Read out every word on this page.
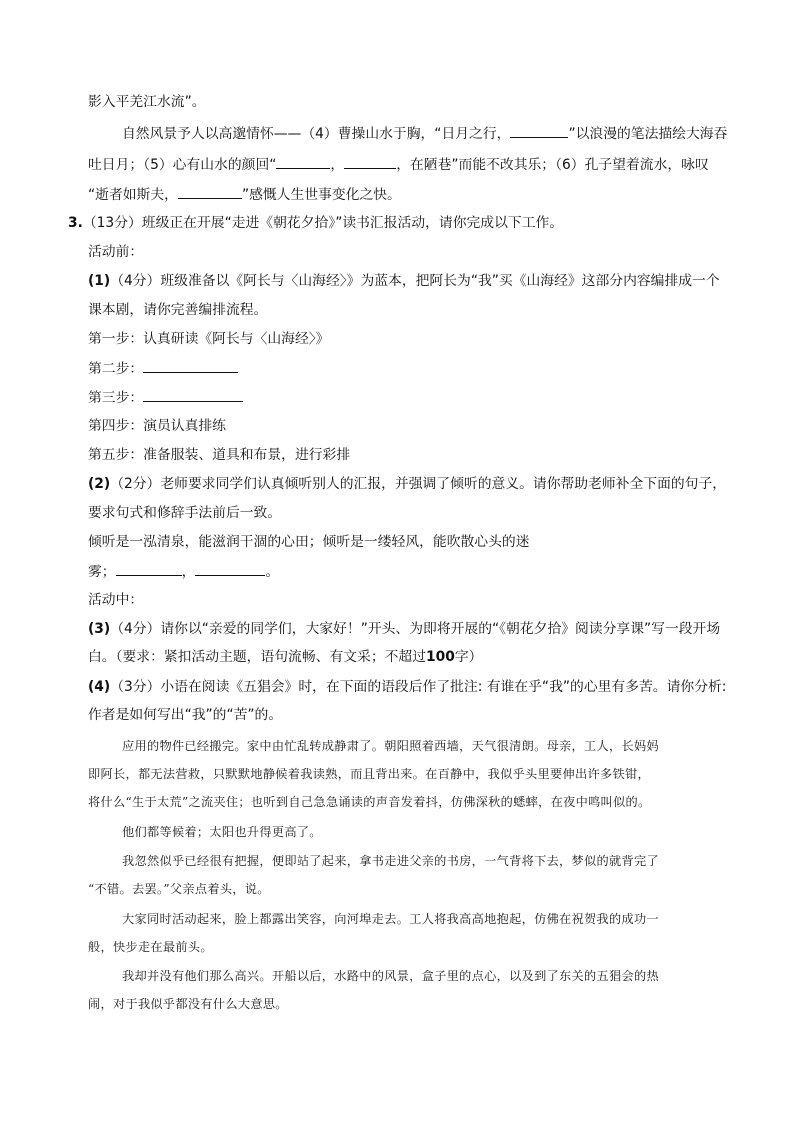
影入平羌江水流”。
自然风景予人以高邈情怀——（4）曹操山水于胸，“日月之行，	”以浪漫的笔法描绘大海吞
吐日月；（5）心有山水的颜回“	，	，在陋巷”而能不改其乐；（6）孔子望着流水，咏叹
“逝者如斯夫，	”感慨人生世事变化之快。
3.（13分）班级正在开展“走进《朝花夕拾》”读书汇报活动，请你完成以下工作。
活动前：
(1)（4分）班级准备以《阿长与〈山海经〉》为蓝本，把阿长为“我”买《山海经》这部分内容编排成一个
课本剧，请你完善编排流程。
第一步：认真研读《阿长与〈山海经〉》
第二步：
第三步：
第四步：演员认真排练
第五步：准备服装、道具和布景，进行彩排
(2)（2分）老师要求同学们认真倾听别人的汇报，并强调了倾听的意义。请你帮助老师补全下面的句子，
要求句式和修辞手法前后一致。
倾听是一泓清泉，能滋润干涸的心田；倾听是一缕轻风，能吹散心头的迷
雾；	，	。
活动中：
(3)（4分）请你以“亲爱的同学们，大家好！”开头、为即将开展的“《朝花夕拾》阅读分享课”写一段开场
白。（要求：紧扣活动主题，语句流畅、有文采；不超过100字）
(4)（3分）小语在阅读《五猖会》时，在下面的语段后作了批注: 有谁在乎“我”的心里有多苦。请你分析:
作者是如何写出“我”的“苦”的。
应用的物件已经搬完。家中由忙乱转成静肃了。朝阳照着西墙，天气很清朗。母亲，工人，长妈妈
即阿长，都无法营救，只默默地静候着我读熟，而且背出来。在百静中，我似乎头里要伸出许多铁钳，
将什么“生于太荒”之流夹住；也听到自己急急诵读的声音发着抖，仿佛深秋的蟋蟀，在夜中鸣叫似的。
他们都等候着；太阳也升得更高了。
我忽然似乎已经很有把握，便即站了起来，拿书走进父亲的书房，一气背将下去，梦似的就背完了
“不错。去罢。”父亲点着头，说。
大家同时活动起来，脸上都露出笑容，向河埠走去。工人将我高高地抱起，仿佛在祝贺我的成功一
般，快步走在最前头。
我却并没有他们那么高兴。开船以后，水路中的风景，盒子里的点心，以及到了东关的五猖会的热
闹，对于我似乎都没有什么大意思。
